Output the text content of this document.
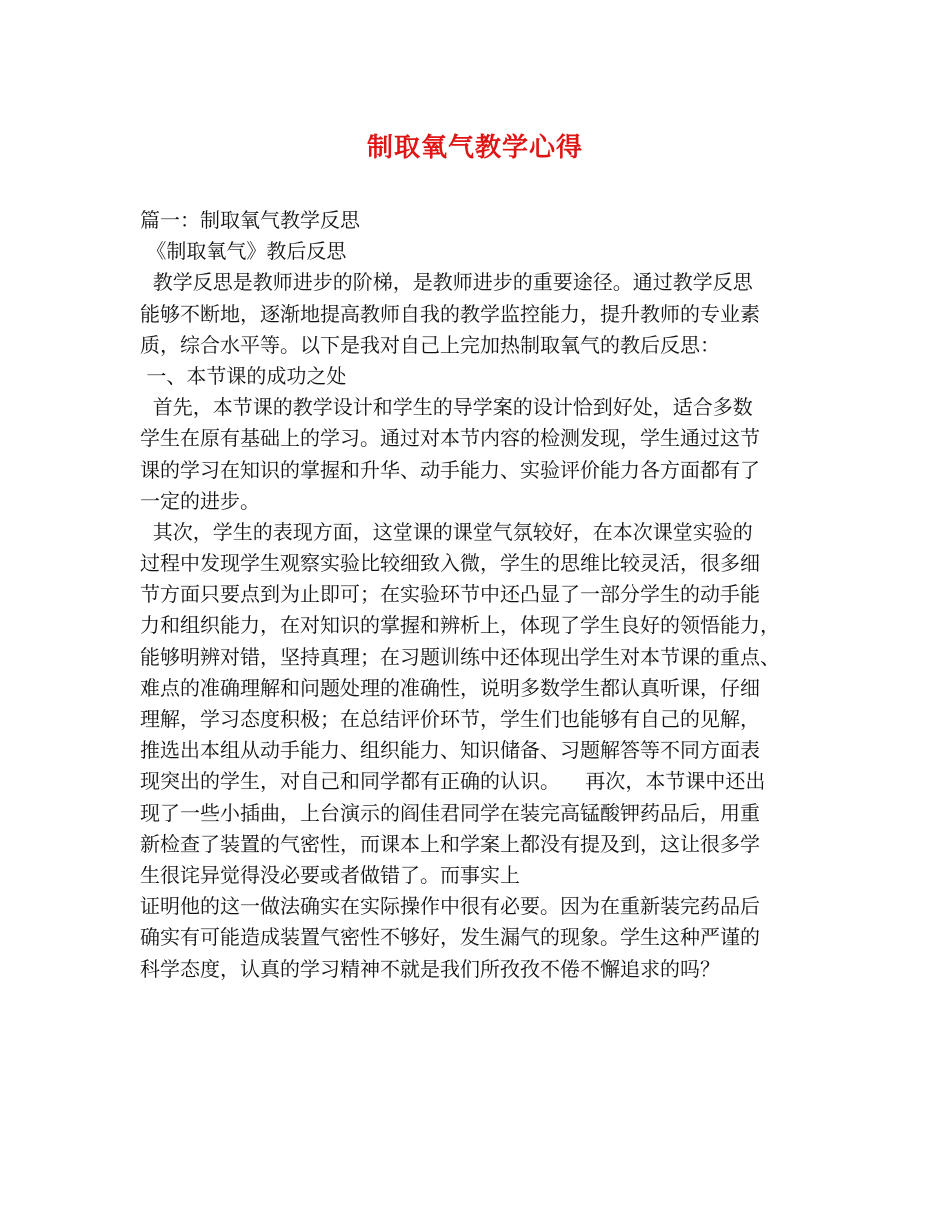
制取氧气教学心得
篇一：制取氧气教学反思
《制取氧气》教后反思
教学反思是教师进步的阶梯，是教师进步的重要途径。通过教学反思
能够不断地，逐渐地提高教师自我的教学监控能力，提升教师的专业素
质，综合水平等。以下是我对自己上完加热制取氧气的教后反思：
一、本节课的成功之处
首先，本节课的教学设计和学生的导学案的设计恰到好处，适合多数
学生在原有基础上的学习。通过对本节内容的检测发现，学生通过这节
课的学习在知识的掌握和升华、动手能力、实验评价能力各方面都有了
一定的进步。
其次，学生的表现方面，这堂课的课堂气氛较好，在本次课堂实验的
过程中发现学生观察实验比较细致入微，学生的思维比较灵活，很多细
节方面只要点到为止即可；在实验环节中还凸显了一部分学生的动手能
力和组织能力，在对知识的掌握和辨析上，体现了学生良好的领悟能力，
能够明辨对错，坚持真理；在习题训练中还体现出学生对本节课的重点、
难点的准确理解和问题处理的准确性，说明多数学生都认真听课，仔细
理解，学习态度积极；在总结评价环节，学生们也能够有自己的见解，
推选出本组从动手能力、组织能力、知识储备、习题解答等不同方面表
现突出的学生，对自己和同学都有正确的认识。    再次，本节课中还出
现了一些小插曲，上台演示的阎佳君同学在装完高锰酸钾药品后，用重
新检查了装置的气密性，而课本上和学案上都没有提及到，这让很多学
生很诧异觉得没必要或者做错了。而事实上
证明他的这一做法确实在实际操作中很有必要。因为在重新装完药品后
确实有可能造成装置气密性不够好，发生漏气的现象。学生这种严谨的
科学态度，认真的学习精神不就是我们所孜孜不倦不懈追求的吗？
